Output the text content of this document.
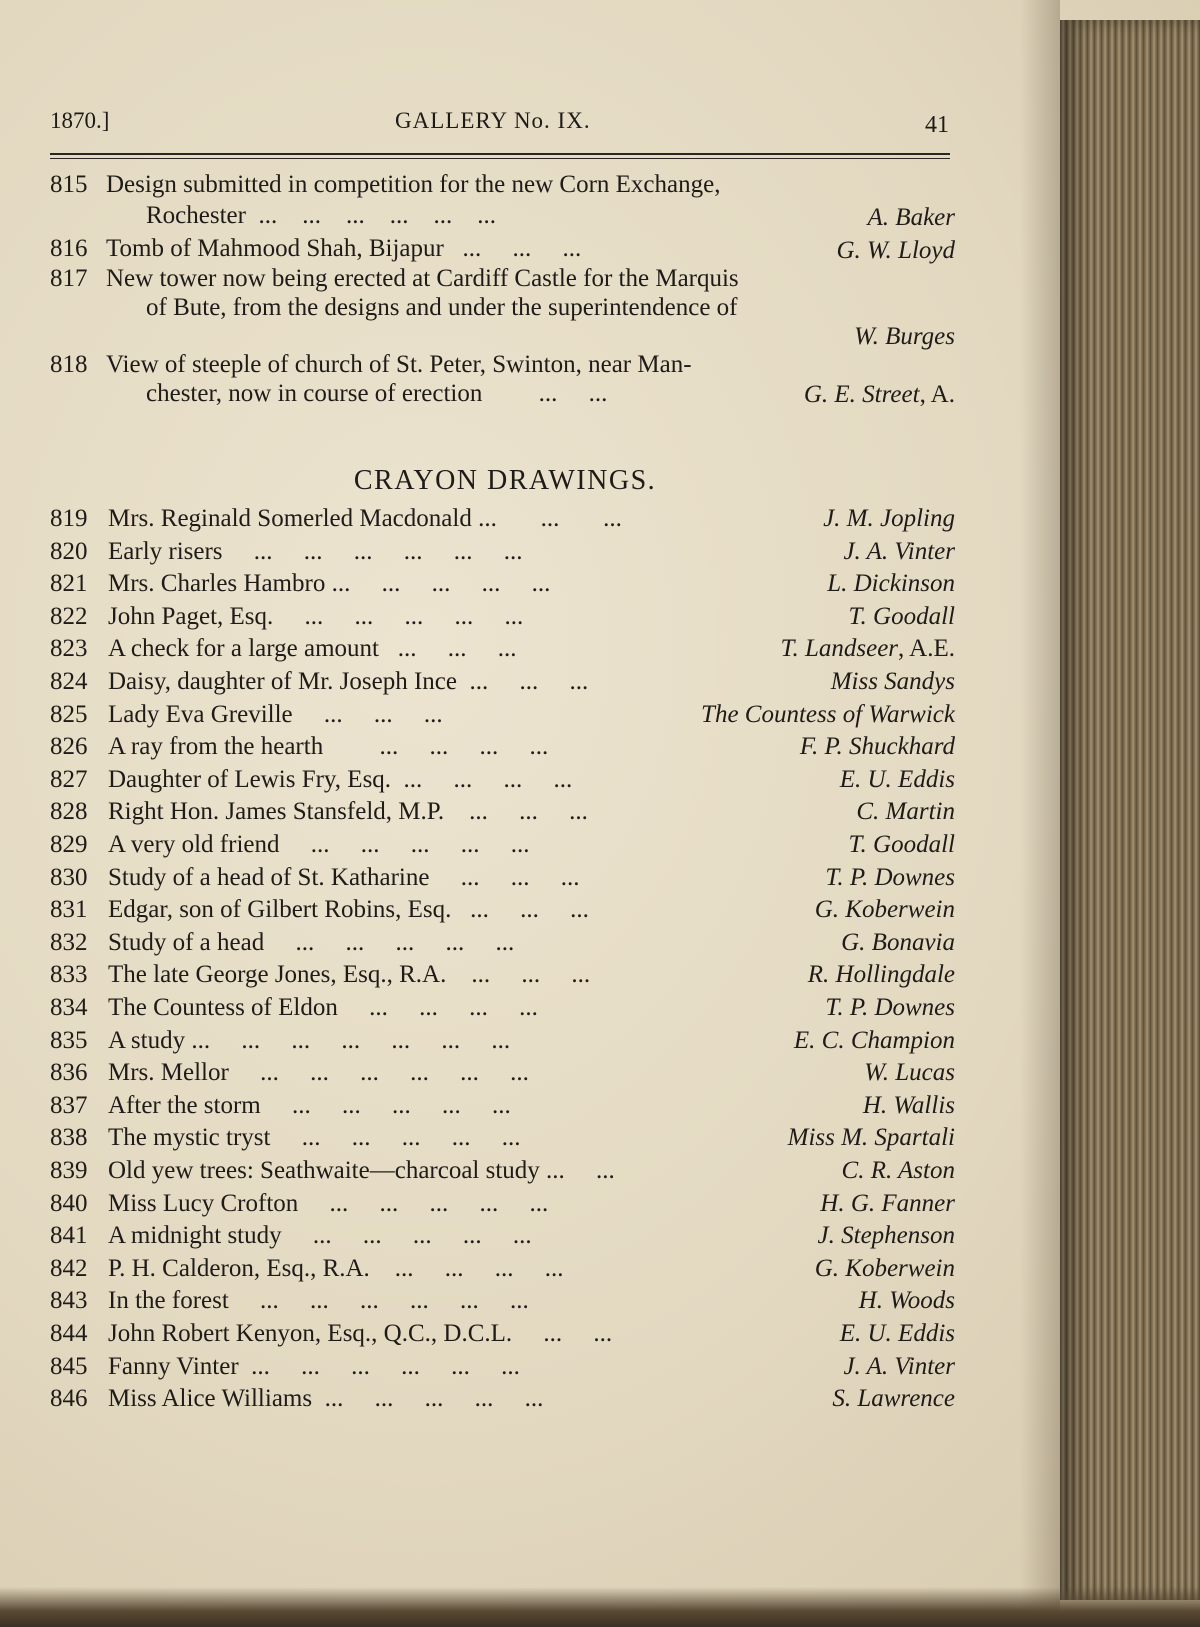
1870.]	GALLERY No. IX.	41
815 Design submitted in competition for the new Corn Exchange,
Rochester  ...    ...    ...    ...    ...    ...	A. Baker
816 Tomb of Mahmood Shah, Bijapur   ...     ...     ...	G. W. Lloyd
817 New tower now being erected at Cardiff Castle for the Marquis
of Bute, from the designs and under the superintendence of
W. Burges
818 View of steeple of church of St. Peter, Swinton, near Man-
chester, now in course of erection         ...     ...	G. E. Street, A.
CRAYON DRAWINGS.
819 Mrs. Reginald Somerled Macdonald ...       ...       ...	J. M. Jopling
820 Early risers     ...     ...     ...     ...     ...     ...	J. A. Vinter
821 Mrs. Charles Hambro ...     ...     ...     ...     ...	L. Dickinson
822 John Paget, Esq.     ...     ...     ...     ...     ...	T. Goodall
823 A check for a large amount   ...     ...     ...	T. Landseer, A.E.
824 Daisy, daughter of Mr. Joseph Ince  ...     ...     ...	Miss Sandys
825 Lady Eva Greville     ...     ...     ...	The Countess of Warwick
826 A ray from the hearth         ...     ...     ...     ...	F. P. Shuckhard
827 Daughter of Lewis Fry, Esq.  ...     ...     ...     ...	E. U. Eddis
828 Right Hon. James Stansfeld, M.P.    ...     ...     ...	C. Martin
829 A very old friend     ...     ...     ...     ...     ...	T. Goodall
830 Study of a head of St. Katharine     ...     ...     ...	T. P. Downes
831 Edgar, son of Gilbert Robins, Esq.   ...     ...     ...	G. Koberwein
832 Study of a head     ...     ...     ...     ...     ...	G. Bonavia
833 The late George Jones, Esq., R.A.    ...     ...     ...	R. Hollingdale
834 The Countess of Eldon     ...     ...     ...     ...	T. P. Downes
835 A study ...     ...     ...     ...     ...     ...     ...	E. C. Champion
836 Mrs. Mellor     ...     ...     ...     ...     ...     ...	W. Lucas
837 After the storm     ...     ...     ...     ...     ...	H. Wallis
838 The mystic tryst     ...     ...     ...     ...     ...	Miss M. Spartali
839 Old yew trees: Seathwaite—charcoal study ...     ...	C. R. Aston
840 Miss Lucy Crofton     ...     ...     ...     ...     ...	H. G. Fanner
841 A midnight study     ...     ...     ...     ...     ...	J. Stephenson
842 P. H. Calderon, Esq., R.A.    ...     ...     ...     ...	G. Koberwein
843 In the forest     ...     ...     ...     ...     ...     ...	H. Woods
844 John Robert Kenyon, Esq., Q.C., D.C.L.     ...     ...	E. U. Eddis
845 Fanny Vinter  ...     ...     ...     ...     ...     ...	J. A. Vinter
846 Miss Alice Williams  ...     ...     ...     ...     ...	S. Lawrence
